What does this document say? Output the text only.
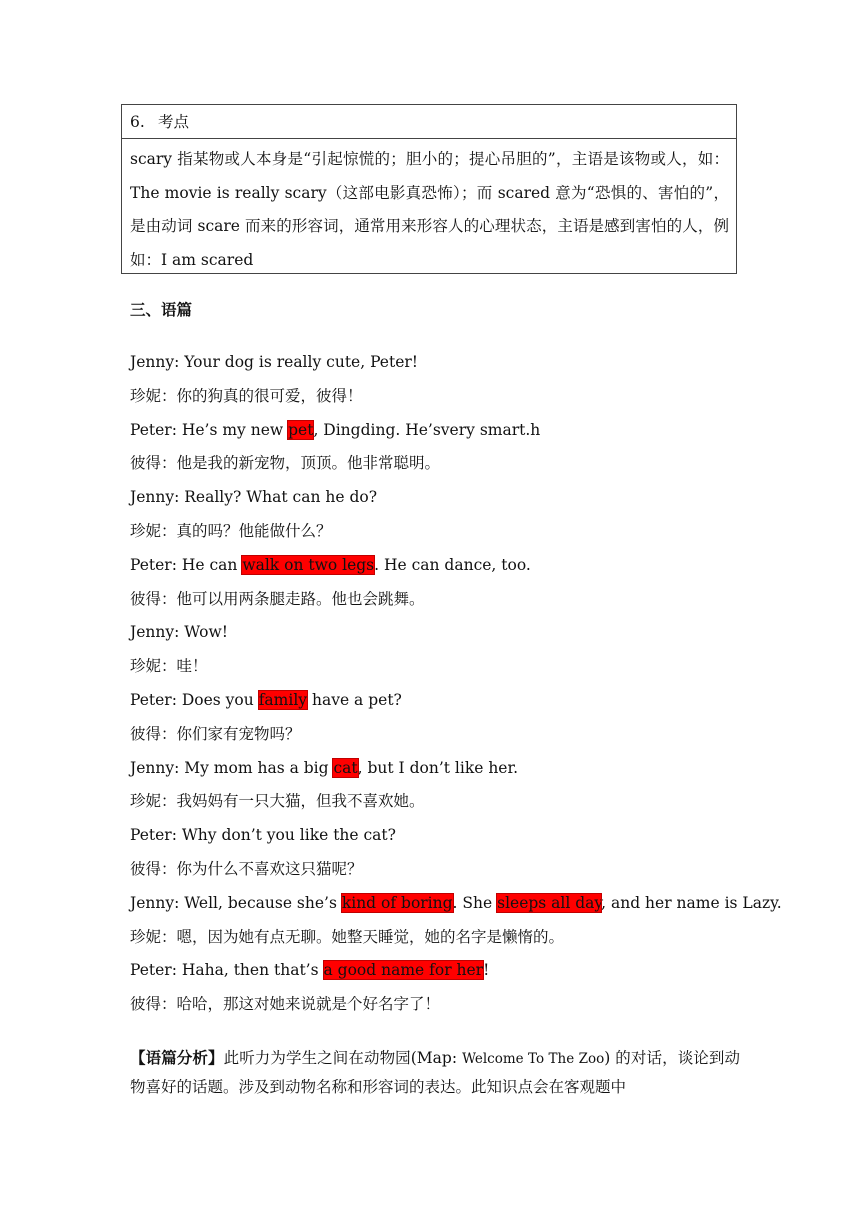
6. 考点
scary 指某物或人本身是“引起惊慌的；胆小的；提心吊胆的”，主语是该物或人，如：The movie is really scary（这部电影真恐怖）；而 scared 意为“恐惧的、害怕的”，是由动词 scare 而来的形容词，通常用来形容人的心理状态，主语是感到害怕的人，例如：I am scared
三、语篇
Jenny: Your dog is really cute, Peter!
珍妮：你的狗真的很可爱，彼得！
Peter: He’s my new pet, Dingding. He’svery smart.h
彼得：他是我的新宠物，顶顶。他非常聪明。
Jenny: Really? What can he do?
珍妮：真的吗？他能做什么？
Peter: He can walk on two legs. He can dance, too.
彼得：他可以用两条腿走路。他也会跳舞。
Jenny: Wow!
珍妮：哇！
Peter: Does you family have a pet?
彼得：你们家有宠物吗？
Jenny: My mom has a big cat, but I don’t like her.
珍妮：我妈妈有一只大猫，但我不喜欢她。
Peter: Why don’t you like the cat?
彼得：你为什么不喜欢这只猫呢？
Jenny: Well, because she’s kind of boring. She sleeps all day, and her name is Lazy.
珍妮：嗯，因为她有点无聊。她整天睡觉，她的名字是懒惰的。
Peter: Haha, then that’s a good name for her!
彼得：哈哈，那这对她来说就是个好名字了！
【语篇分析】此听力为学生之间在动物园(Map: Welcome To The Zoo) 的对话，谈论到动物喜好的话题。涉及到动物名称和形容词的表达。此知识点会在客观题中
